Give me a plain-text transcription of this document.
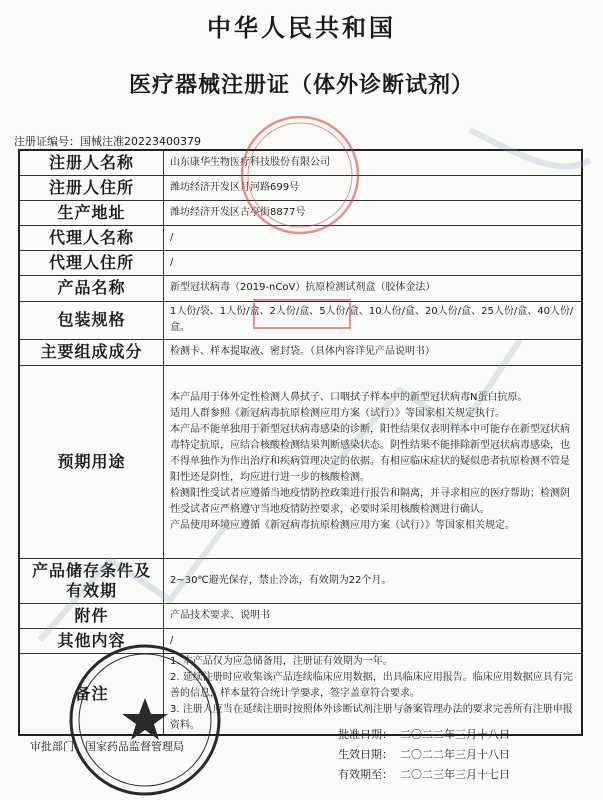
中华人民共和国
医疗器械注册证（体外诊断试剂）
注册证编号：国械注准20223400379
注册人名称	山东康华生物医疗科技股份有限公司
注册人住所	潍坊经济开发区月河路699号
生产地址	潍坊经济开发区古亭街8877号
代理人名称	/
代理人住所	/
产品名称	新型冠状病毒（2019-nCoV）抗原检测试剂盒（胶体金法）
包装规格	1人份/袋、1人份/盒、2人份/盒、5人份/盒、10人份/盒、20人份/盒、25人份/盒、40人份/盒。
主要组成成分	检测卡、样本提取液、密封袋。（具体内容详见产品说明书）
预期用途	本产品用于体外定性检测人鼻拭子、口咽拭子样本中的新型冠状病毒N蛋白抗原。

适用人群参照《新冠病毒抗原检测应用方案（试行）》等国家相关规定执行。

本产品不能单独用于新型冠状病毒感染的诊断，阳性结果仅表明样本中可能存在新型冠状病毒特定抗原，应结合核酸检测结果判断感染状态。阴性结果不能排除新型冠状病毒感染，也不得单独作为作出治疗和疾病管理决定的依据。有相应临床症状的疑似患者抗原检测不管是阳性还是阴性，均应进行进一步的核酸检测。

检测阳性受试者应遵循当地疫情防控政策进行报告和隔离，并寻求相应的医疗帮助；检测阴性受试者应严格遵守当地疫情防控要求，必要时采用核酸检测进行确认。

产品使用环境应遵循《新冠病毒抗原检测应用方案（试行）》等国家相关规定。

产品储存条件及有效期	2~30℃避光保存，禁止冷冻，有效期为22个月。
附件	产品技术要求、说明书
其他内容	/
备注	1. 本产品仅为应急储备用，注册证有效期为一年。

2. 延续注册时应收集该产品连续临床应用数据，出具临床应用报告。临床应用数据应具有完善的信息，样本量符合统计学要求，签字盖章符合要求。

3. 注册人应当在延续注册时按照体外诊断试剂注册与备案管理办法的要求完善所有注册申报资料。

审批部门：国家药品监督管理局
批准日期： 二〇二二年三月十八日
生效日期： 二〇二二年三月十八日
有效期至： 二〇二三年三月十七日
